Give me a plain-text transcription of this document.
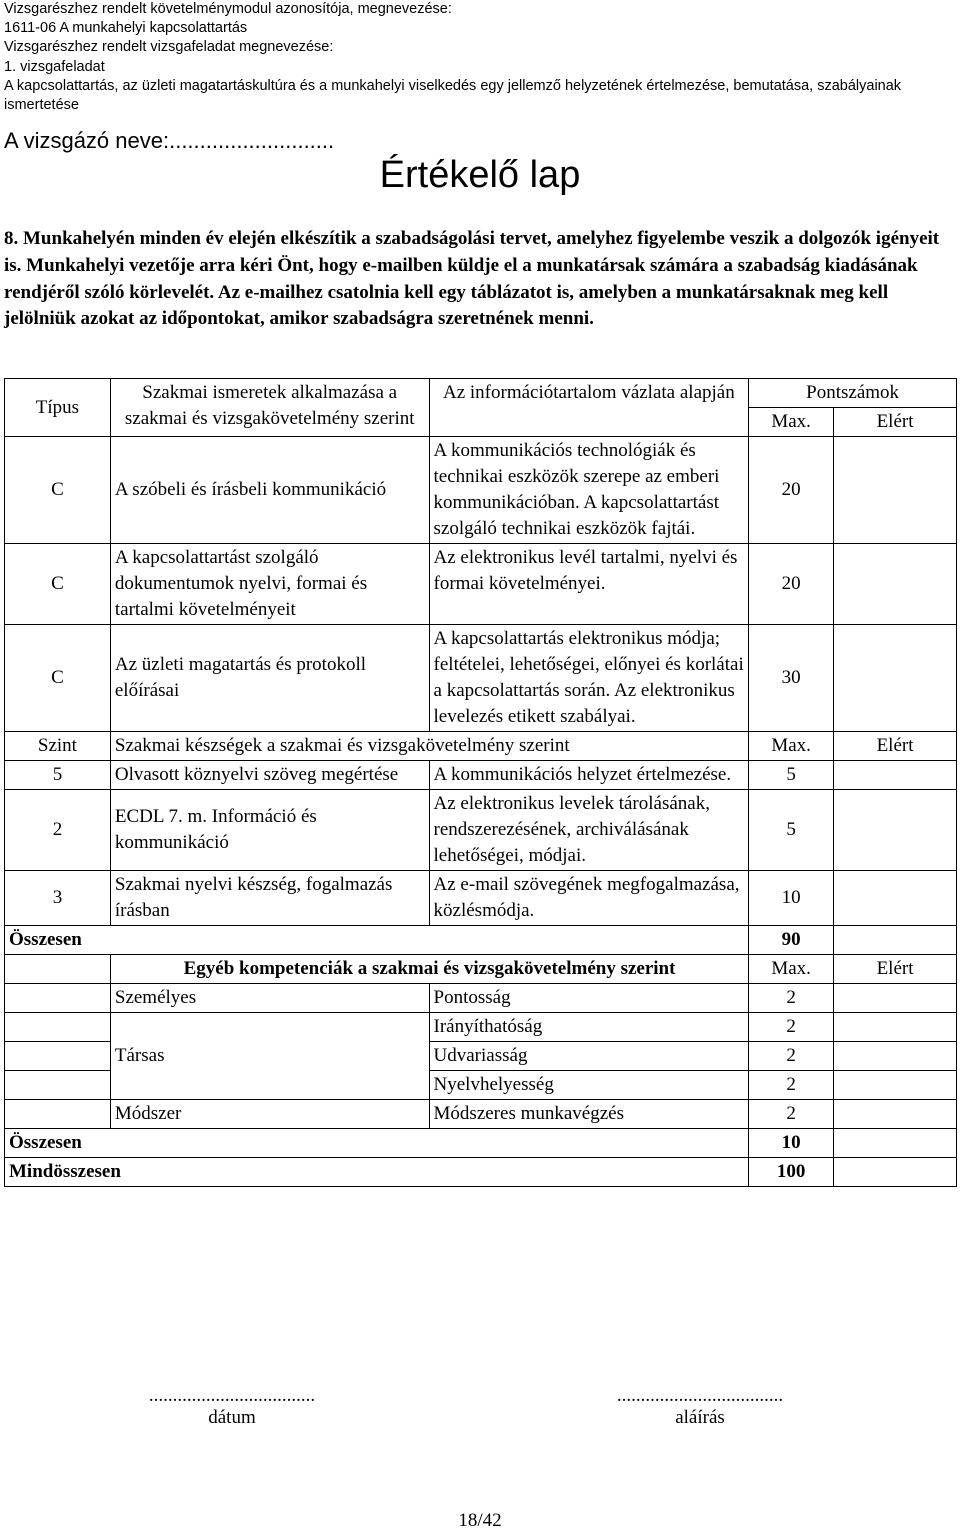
Vizsgarészhez rendelt követelménymodul azonosítója, megnevezése:
1611-06 A munkahelyi kapcsolattartás
Vizsgarészhez rendelt vizsgafeladat megnevezése:
1. vizsgafeladat
A kapcsolattartás, az üzleti magatartáskultúra és a munkahelyi viselkedés egy jellemző helyzetének értelmezése, bemutatása, szabályainak ismertetése
A vizsgázó neve:...........................
Értékelő lap
8. Munkahelyén minden év elején elkészítik a szabadságolási tervet, amelyhez figyelembe veszik a dolgozók igényeit is. Munkahelyi vezetője arra kéri Önt, hogy e-mailben küldje el a munkatársak számára a szabadság kiadásának rendjéről szóló körlevelét. Az e-mailhez csatolnia kell egy táblázatot is, amelyben a munkatársaknak meg kell jelölniük azokat az időpontokat, amikor szabadságra szeretnének menni.
Típus	Szakmai ismeretek alkalmazása a szakmai és vizsgakövetelmény szerint	Az információtartalom vázlata alapján	Pontszámok	
			Max.	Elért
C	A szóbeli és írásbeli kommunikáció	A kommunikációs technológiák és technikai eszközök szerepe az emberi kommunikációban. A kapcsolattartást szolgáló technikai eszközök fajtái.	20	
C	A kapcsolattartást szolgáló dokumentumok nyelvi, formai és tartalmi követelményeit	Az elektronikus levél tartalmi, nyelvi és formai követelményei.	20	
C	Az üzleti magatartás és protokoll előírásai	A kapcsolattartás elektronikus módja; feltételei, lehetőségei, előnyei és korlátai a kapcsolattartás során. Az elektronikus levelezés etikett szabályai.	30	
Szint	Szakmai készségek a szakmai és vizsgakövetelmény szerint		Max.	Elért
5	Olvasott köznyelvi szöveg megértése	A kommunikációs helyzet értelmezése.	5	
2	ECDL 7. m. Információ és kommunikáció	Az elektronikus levelek tárolásának, rendszerezésének, archiválásának lehetőségei, módjai.	5	
3	Szakmai nyelvi készség, fogalmazás írásban	Az e-mail szövegének megfogalmazása, közlésmódja.	10	
Összesen			90	
	Egyéb kompetenciák a szakmai és vizsgakövetelmény szerint		Max.	Elért
	Személyes	Pontosság	2	
	Társas	Irányíthatóság	2	
		Udvariasság	2	
		Nyelvhelyesség	2	
	Módszer	Módszeres munkavégzés	2	
Összesen			10	
Mindösszesen			100	
...................................
dátum
...................................
aláírás
18/42
